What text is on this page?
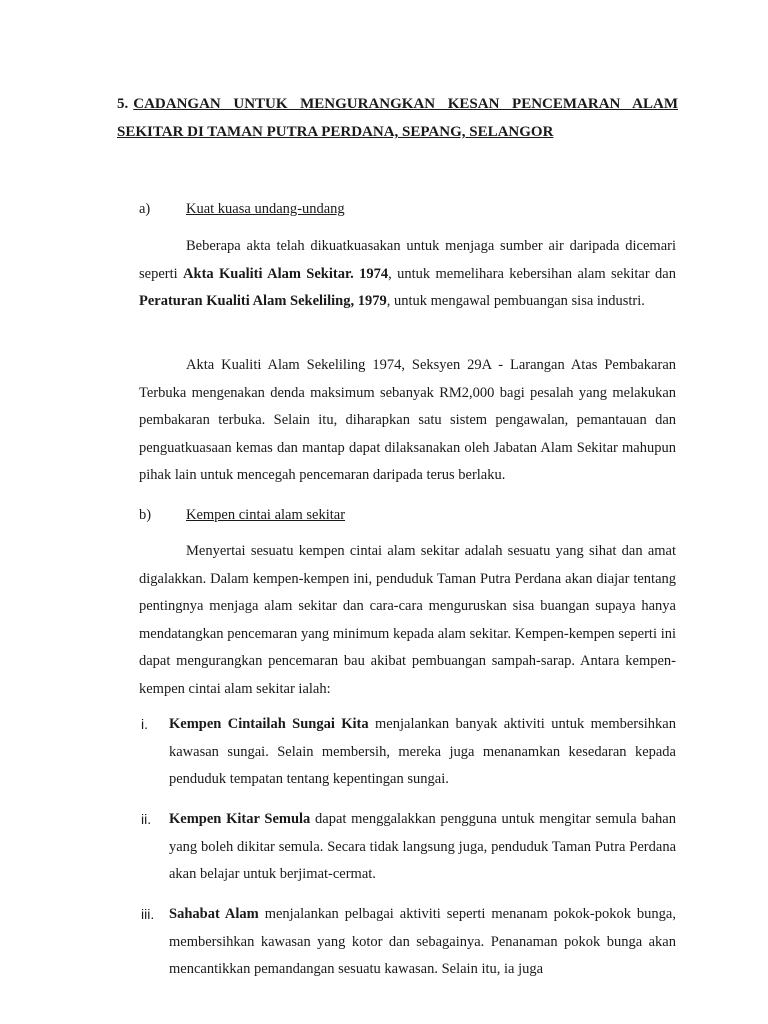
5. CADANGAN UNTUK MENGURANGKAN KESAN PENCEMARAN ALAM SEKITAR DI TAMAN PUTRA PERDANA, SEPANG, SELANGOR
a) Kuat kuasa undang-undang

Beberapa akta telah dikuatkuasakan untuk menjaga sumber air daripada dicemari seperti Akta Kualiti Alam Sekitar. 1974, untuk memelihara kebersihan alam sekitar dan Peraturan Kualiti Alam Sekeliling, 1979, untuk mengawal pembuangan sisa industri.

Akta Kualiti Alam Sekeliling 1974, Seksyen 29A - Larangan Atas Pembakaran Terbuka mengenakan denda maksimum sebanyak RM2,000 bagi pesalah yang melakukan pembakaran terbuka. Selain itu, diharapkan satu sistem pengawalan, pemantauan dan penguatkuasaan kemas dan mantap dapat dilaksanakan oleh Jabatan Alam Sekitar mahupun pihak lain untuk mencegah pencemaran daripada terus berlaku.

b) Kempen cintai alam sekitar

Menyertai sesuatu kempen cintai alam sekitar adalah sesuatu yang sihat dan amat digalakkan. Dalam kempen-kempen ini, penduduk Taman Putra Perdana akan diajar tentang pentingnya menjaga alam sekitar dan cara-cara menguruskan sisa buangan supaya hanya mendatangkan pencemaran yang minimum kepada alam sekitar. Kempen-kempen seperti ini dapat mengurangkan pencemaran bau akibat pembuangan sampah-sarap. Antara kempen-kempen cintai alam sekitar ialah:

i.	Kempen Cintailah Sungai Kita menjalankan banyak aktiviti untuk membersihkan kawasan sungai. Selain membersih, mereka juga menanamkan kesedaran kepada penduduk tempatan tentang kepentingan sungai.

ii.	Kempen Kitar Semula dapat menggalakkan pengguna untuk mengitar semula bahan yang boleh dikitar semula. Secara tidak langsung juga, penduduk Taman Putra Perdana akan belajar untuk berjimat-cermat.

iii.	Sahabat Alam menjalankan pelbagai aktiviti seperti menanam pokok-pokok bunga, membersihkan kawasan yang kotor dan sebagainya. Penanaman pokok bunga akan mencantikkan pemandangan sesuatu kawasan. Selain itu, ia juga
